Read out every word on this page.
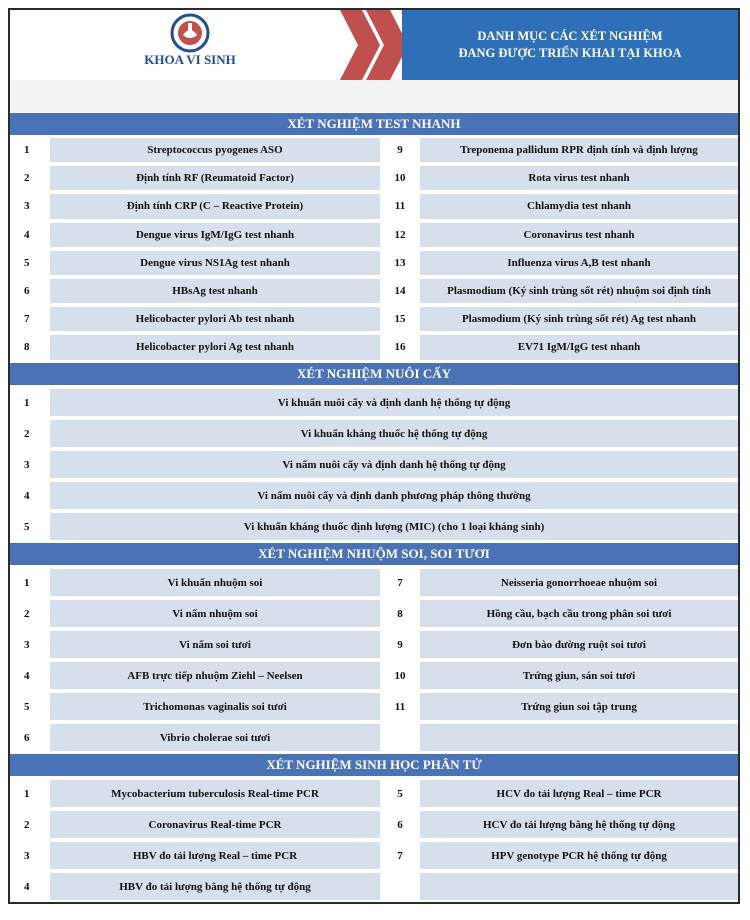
KHOA VI SINH
DANH MỤC CÁC XÉT NGHIỆM
ĐANG ĐƯỢC TRIỂN KHAI TẠI KHOA
XÉT NGHIỆM TEST NHANH
1	Streptococcus pyogenes ASO	9	Treponema pallidum RPR định tính và định lượng
2	Định tính RF (Reumatoid Factor)	10	Rota virus test nhanh
3	Định tính CRP (C – Reactive Protein)	11	Chlamydia test nhanh
4	Dengue virus IgM/IgG test nhanh	12	Coronavirus test nhanh
5	Dengue virus NS1Ag test nhanh	13	Influenza virus A,B test nhanh
6	HBsAg test nhanh	14	Plasmodium (Ký sinh trùng sốt rét) nhuộm soi định tính
7	Helicobacter pylori Ab test nhanh	15	Plasmodium (Ký sinh trùng sốt rét) Ag test nhanh
8	Helicobacter pylori Ag test nhanh	16	EV71 IgM/IgG test nhanh
XÉT NGHIỆM NUÔI CẤY
1	Vi khuẩn nuôi cấy và định danh hệ thống tự động
2	Vi khuẩn kháng thuốc hệ thống tự động
3	Vi nấm nuôi cấy và định danh hệ thống tự động
4	Vi nấm nuôi cấy và định danh phương pháp thông thường
5	Vi khuẩn kháng thuốc định lượng (MIC) (cho 1 loại kháng sinh)
XÉT NGHIỆM NHUỘM SOI, SOI TƯƠI
1	Vi khuẩn nhuộm soi	7	Neisseria gonorrhoeae nhuộm soi
2	Vi nấm nhuộm soi	8	Hồng cầu, bạch cầu trong phân soi tươi
3	Vi nấm soi tươi	9	Đơn bào đường ruột soi tươi
4	AFB trực tiếp nhuộm Ziehl – Neelsen	10	Trứng giun, sán soi tươi
5	Trichomonas vaginalis soi tươi	11	Trứng giun soi tập trung
6	Vibrio cholerae soi tươi
XÉT NGHIỆM SINH HỌC PHÂN TỬ
1	Mycobacterium tuberculosis Real-time PCR	5	HCV đo tải lượng Real – time PCR
2	Coronavirus Real-time PCR	6	HCV đo tải lượng bằng hệ thống tự động
3	HBV đo tải lượng Real – time PCR	7	HPV genotype PCR hệ thống tự động
4	HBV đo tải lượng bằng hệ thống tự động
